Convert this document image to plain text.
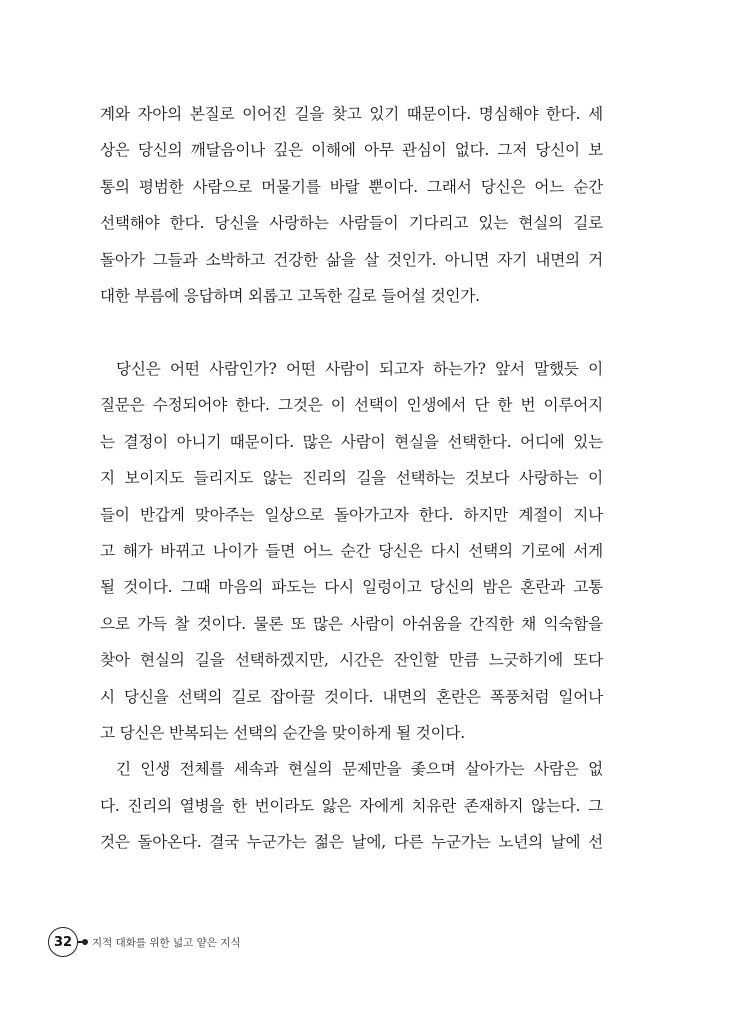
계와 자아의 본질로 이어진 길을 찾고 있기 때문이다. 명심해야 한다. 세
상은 당신의 깨달음이나 깊은 이해에 아무 관심이 없다. 그저 당신이 보
통의 평범한 사람으로 머물기를 바랄 뿐이다. 그래서 당신은 어느 순간
선택해야 한다. 당신을 사랑하는 사람들이 기다리고 있는 현실의 길로
돌아가 그들과 소박하고 건강한 삶을 살 것인가. 아니면 자기 내면의 거
대한 부름에 응답하며 외롭고 고독한 길로 들어설 것인가.
당신은 어떤 사람인가? 어떤 사람이 되고자 하는가? 앞서 말했듯 이
질문은 수정되어야 한다. 그것은 이 선택이 인생에서 단 한 번 이루어지
는 결정이 아니기 때문이다. 많은 사람이 현실을 선택한다. 어디에 있는
지 보이지도 들리지도 않는 진리의 길을 선택하는 것보다 사랑하는 이
들이 반갑게 맞아주는 일상으로 돌아가고자 한다. 하지만 계절이 지나
고 해가 바뀌고 나이가 들면 어느 순간 당신은 다시 선택의 기로에 서게
될 것이다. 그때 마음의 파도는 다시 일렁이고 당신의 밤은 혼란과 고통
으로 가득 찰 것이다. 물론 또 많은 사람이 아쉬움을 간직한 채 익숙함을
찾아 현실의 길을 선택하겠지만, 시간은 잔인할 만큼 느긋하기에 또다
시 당신을 선택의 길로 잡아끌 것이다. 내면의 혼란은 폭풍처럼 일어나
고 당신은 반복되는 선택의 순간을 맞이하게 될 것이다.
긴 인생 전체를 세속과 현실의 문제만을 좇으며 살아가는 사람은 없
다. 진리의 열병을 한 번이라도 앓은 자에게 치유란 존재하지 않는다. 그
것은 돌아온다. 결국 누군가는 젊은 날에, 다른 누군가는 노년의 날에 선
32	지적 대화를 위한 넓고 얕은 지식
